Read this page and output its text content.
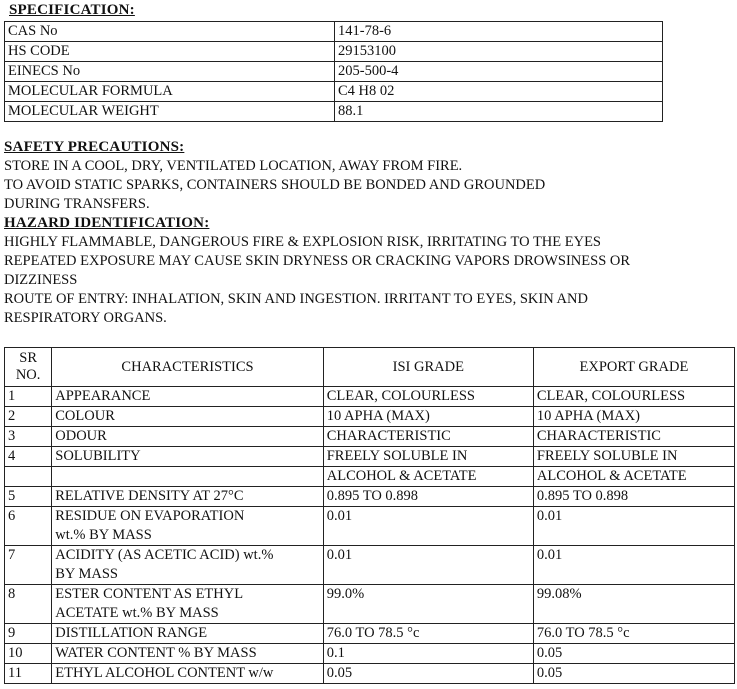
SPECIFICATION:
CAS No	141-78-6
HS CODE	29153100
EINECS No	205-500-4
MOLECULAR FORMULA	C4 H8 02
MOLECULAR WEIGHT	88.1
SAFETY PRECAUTIONS:
STORE IN A COOL, DRY, VENTILATED LOCATION, AWAY FROM FIRE.
TO AVOID STATIC SPARKS, CONTAINERS SHOULD BE BONDED AND GROUNDED
DURING TRANSFERS.
HAZARD IDENTIFICATION:
HIGHLY FLAMMABLE, DANGEROUS FIRE & EXPLOSION RISK, IRRITATING TO THE EYES
REPEATED EXPOSURE MAY CAUSE SKIN DRYNESS OR CRACKING VAPORS DROWSINESS OR
DIZZINESS
ROUTE OF ENTRY: INHALATION, SKIN AND INGESTION. IRRITANT TO EYES, SKIN AND
RESPIRATORY ORGANS.
SR
NO.	CHARACTERISTICS	ISI GRADE	EXPORT GRADE
1	APPEARANCE	CLEAR, COLOURLESS	CLEAR, COLOURLESS
2	COLOUR	10 APHA (MAX)	10 APHA (MAX)
3	ODOUR	CHARACTERISTIC	CHARACTERISTIC
4	SOLUBILITY	FREELY SOLUBLE IN	FREELY SOLUBLE IN
		ALCOHOL & ACETATE	ALCOHOL & ACETATE
5	RELATIVE DENSITY AT 27°C	0.895 TO 0.898	0.895 TO 0.898
6	RESIDUE ON EVAPORATION
wt.% BY MASS	0.01	0.01
7	ACIDITY (AS ACETIC ACID) wt.%
BY MASS	0.01	0.01
8	ESTER CONTENT AS ETHYL
ACETATE wt.% BY MASS	99.0%	99.08%
9	DISTILLATION RANGE	76.0 TO 78.5 °c	76.0 TO 78.5 °c
10	WATER CONTENT % BY MASS	0.1	0.05
11	ETHYL ALCOHOL CONTENT w/w	0.05	0.05
